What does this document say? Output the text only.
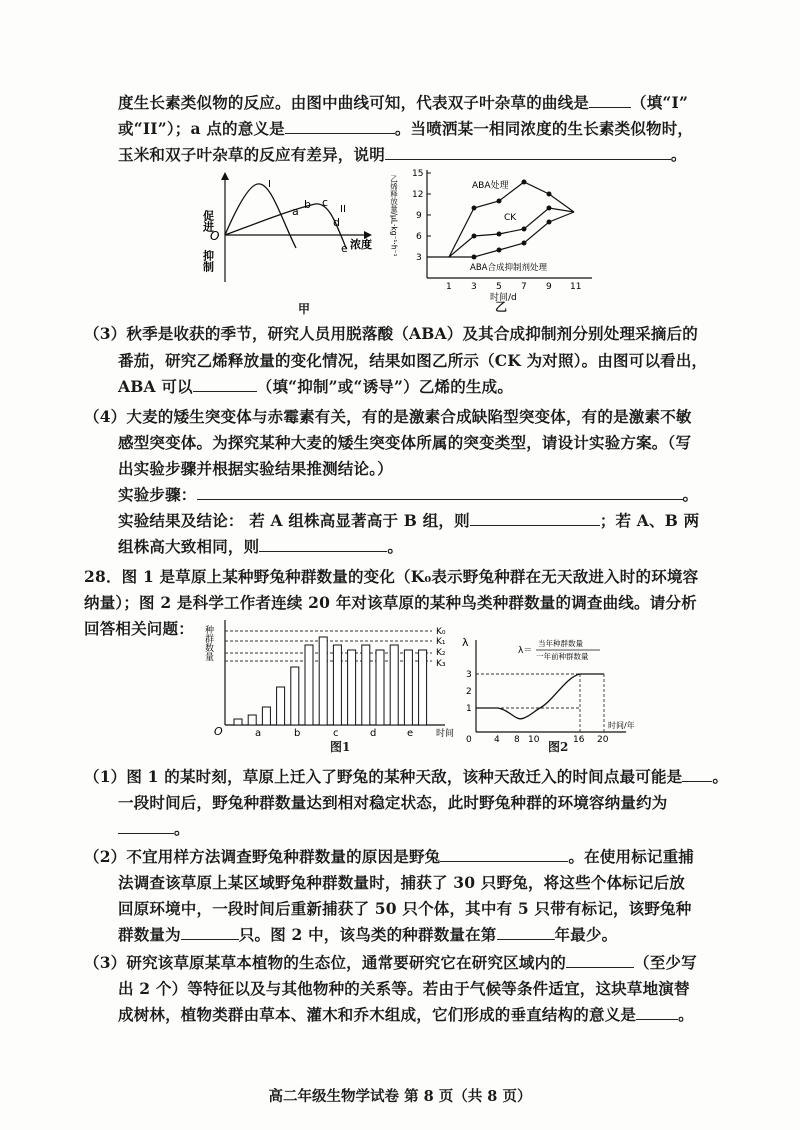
度生长素类似物的反应。由图中曲线可知，代表双子叶杂草的曲线是	（填“I”
或“II”）；a 点的意义是	。当喷洒某一相同浓度的生长素类似物时，
玉米和双子叶杂草的反应有差异，说明	。
促进
O
抑制
浓度
I
II
a
b c
d
e
甲
3
6
9
12
15
乙烯释放量/μL·kg⁻¹·h⁻¹
1 3 5 7 9 11
时间/d
ABA处理
CK
ABA合成抑制剂处理
乙
（3）秋季是收获的季节，研究人员用脱落酸（ABA）及其合成抑制剂分别处理采摘后的
番茄，研究乙烯释放量的变化情况，结果如图乙所示（CK 为对照）。由图可以看出，
ABA 可以	（填“抑制”或“诱导”）乙烯的生成。
（4）大麦的矮生突变体与赤霉素有关，有的是激素合成缺陷型突变体，有的是激素不敏
感型突变体。为探究某种大麦的矮生突变体所属的突变类型，请设计实验方案。（写
出实验步骤并根据实验结果推测结论。）
实验步骤：	。
实验结果及结论： 若 A 组株高显著高于 B 组，则	；若 A、B 两
组株高大致相同，则	。
28．图 1 是草原上某种野兔种群数量的变化（K₀表示野兔种群在无天敌进入时的环境容
纳量）；图 2 是科学工作者连续 20 年对该草原的某种鸟类种群数量的调查曲线。请分析
回答相关问题： 种群数量
O	a	b	c	d	e	时间
K₀
K₁
K₂
K₃
图1
λ
λ＝
当年种群数量
一年前种群数量
1
2
3
0 4 8 10	16 20
时间/年
图2
（1）图 1 的某时刻，草原上迁入了野兔的某种天敌，该种天敌迁入的时间点最可能是 。
一段时间后，野兔种群数量达到相对稳定状态，此时野兔种群的环境容纳量约为
。
（2）不宜用样方法调查野兔种群数量的原因是野兔	。在使用标记重捕
法调查该草原上某区域野兔种群数量时，捕获了 30 只野兔，将这些个体标记后放
回原环境中，一段时间后重新捕获了 50 只个体，其中有 5 只带有标记，该野兔种
群数量为	只。图 2 中，该鸟类的种群数量在第	年最少。
（3）研究该草原某草本植物的生态位，通常要研究它在研究区域内的	（至少写
出 2 个）等特征以及与其他物种的关系等。若由于气候等条件适宜，这块草地演替
成树林，植物类群由草本、灌木和乔木组成，它们形成的垂直结构的意义是	。
高二年级生物学试卷 第 8 页（共 8 页）
